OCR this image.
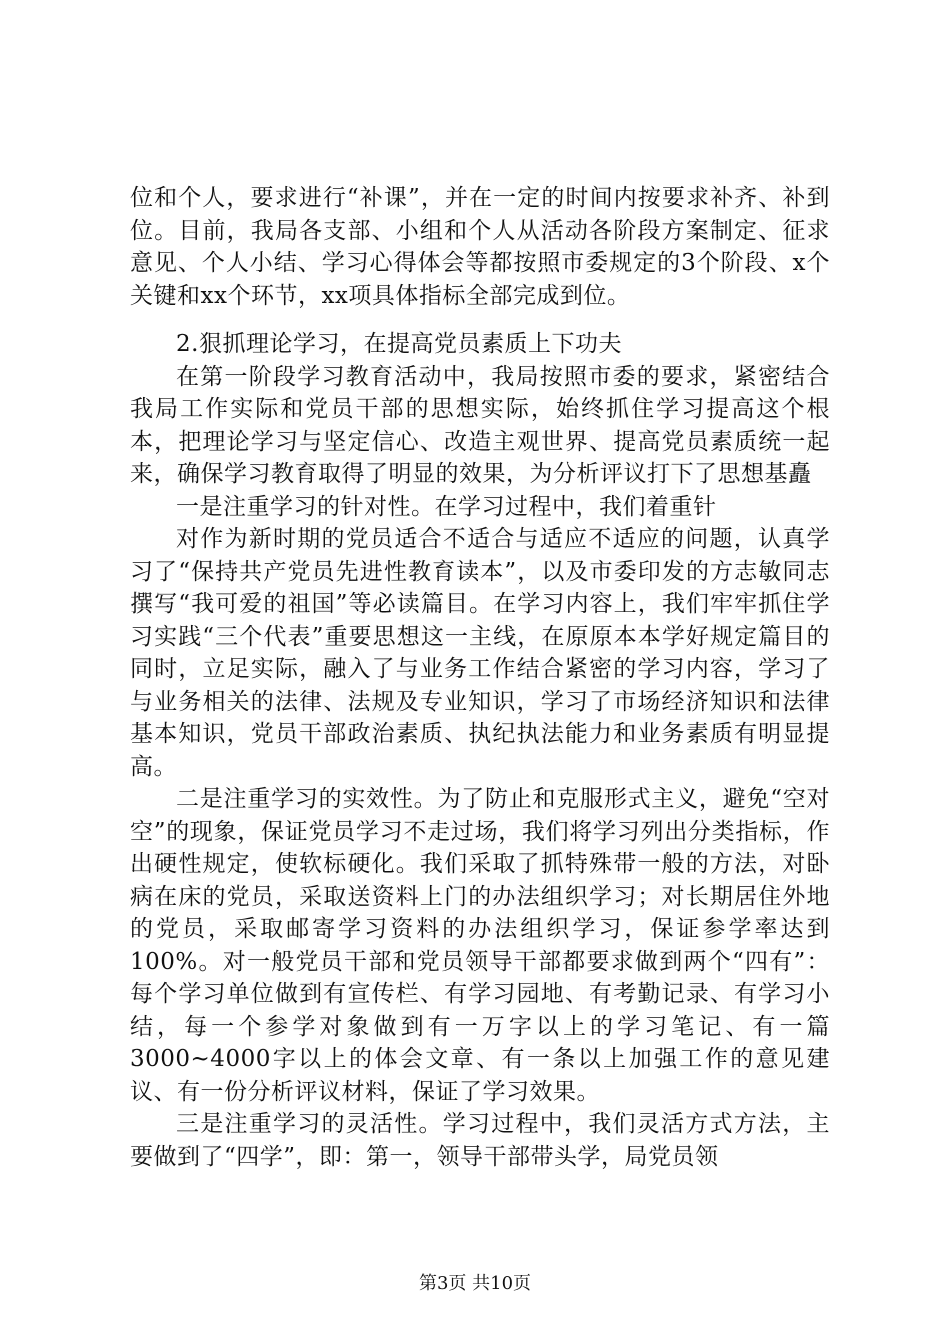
位和个人，要求进行“补课”，并在一定的时间内按要求补齐、补到位。目前，我局各支部、小组和个人从活动各阶段方案制定、征求意见、个人小结、学习心得体会等都按照市委规定的3个阶段、x个关键和xx个环节，xx项具体指标全部完成到位。

2.狠抓理论学习，在提高党员素质上下功夫

在第一阶段学习教育活动中，我局按照市委的要求，紧密结合我局工作实际和党员干部的思想实际，始终抓住学习提高这个根本，把理论学习与坚定信心、改造主观世界、提高党员素质统一起来，确保学习教育取得了明显的效果，为分析评议打下了思想基矗

一是注重学习的针对性。在学习过程中，我们着重针

对作为新时期的党员适合不适合与适应不适应的问题，认真学习了“保持共产党员先进性教育读本”，以及市委印发的方志敏同志撰写“我可爱的祖国”等必读篇目。在学习内容上，我们牢牢抓住学习实践“三个代表”重要思想这一主线，在原原本本学好规定篇目的同时，立足实际，融入了与业务工作结合紧密的学习内容，学习了与业务相关的法律、法规及专业知识，学习了市场经济知识和法律基本知识，党员干部政治素质、执纪执法能力和业务素质有明显提高。

二是注重学习的实效性。为了防止和克服形式主义，避免“空对空”的现象，保证党员学习不走过场，我们将学习列出分类指标，作出硬性规定，使软标硬化。我们采取了抓特殊带一般的方法，对卧病在床的党员，采取送资料上门的办法组织学习；对长期居住外地的党员，采取邮寄学习资料的办法组织学习，保证参学率达到100%。对一般党员干部和党员领导干部都要求做到两个“四有”：每个学习单位做到有宣传栏、有学习园地、有考勤记录、有学习小结，每一个参学对象做到有一万字以上的学习笔记、有一篇3000~4000字以上的体会文章、有一条以上加强工作的意见建议、有一份分析评议材料，保证了学习效果。

三是注重学习的灵活性。学习过程中，我们灵活方式方法，主要做到了“四学”，即：第一，领导干部带头学，局党员领

第3页 共10页
